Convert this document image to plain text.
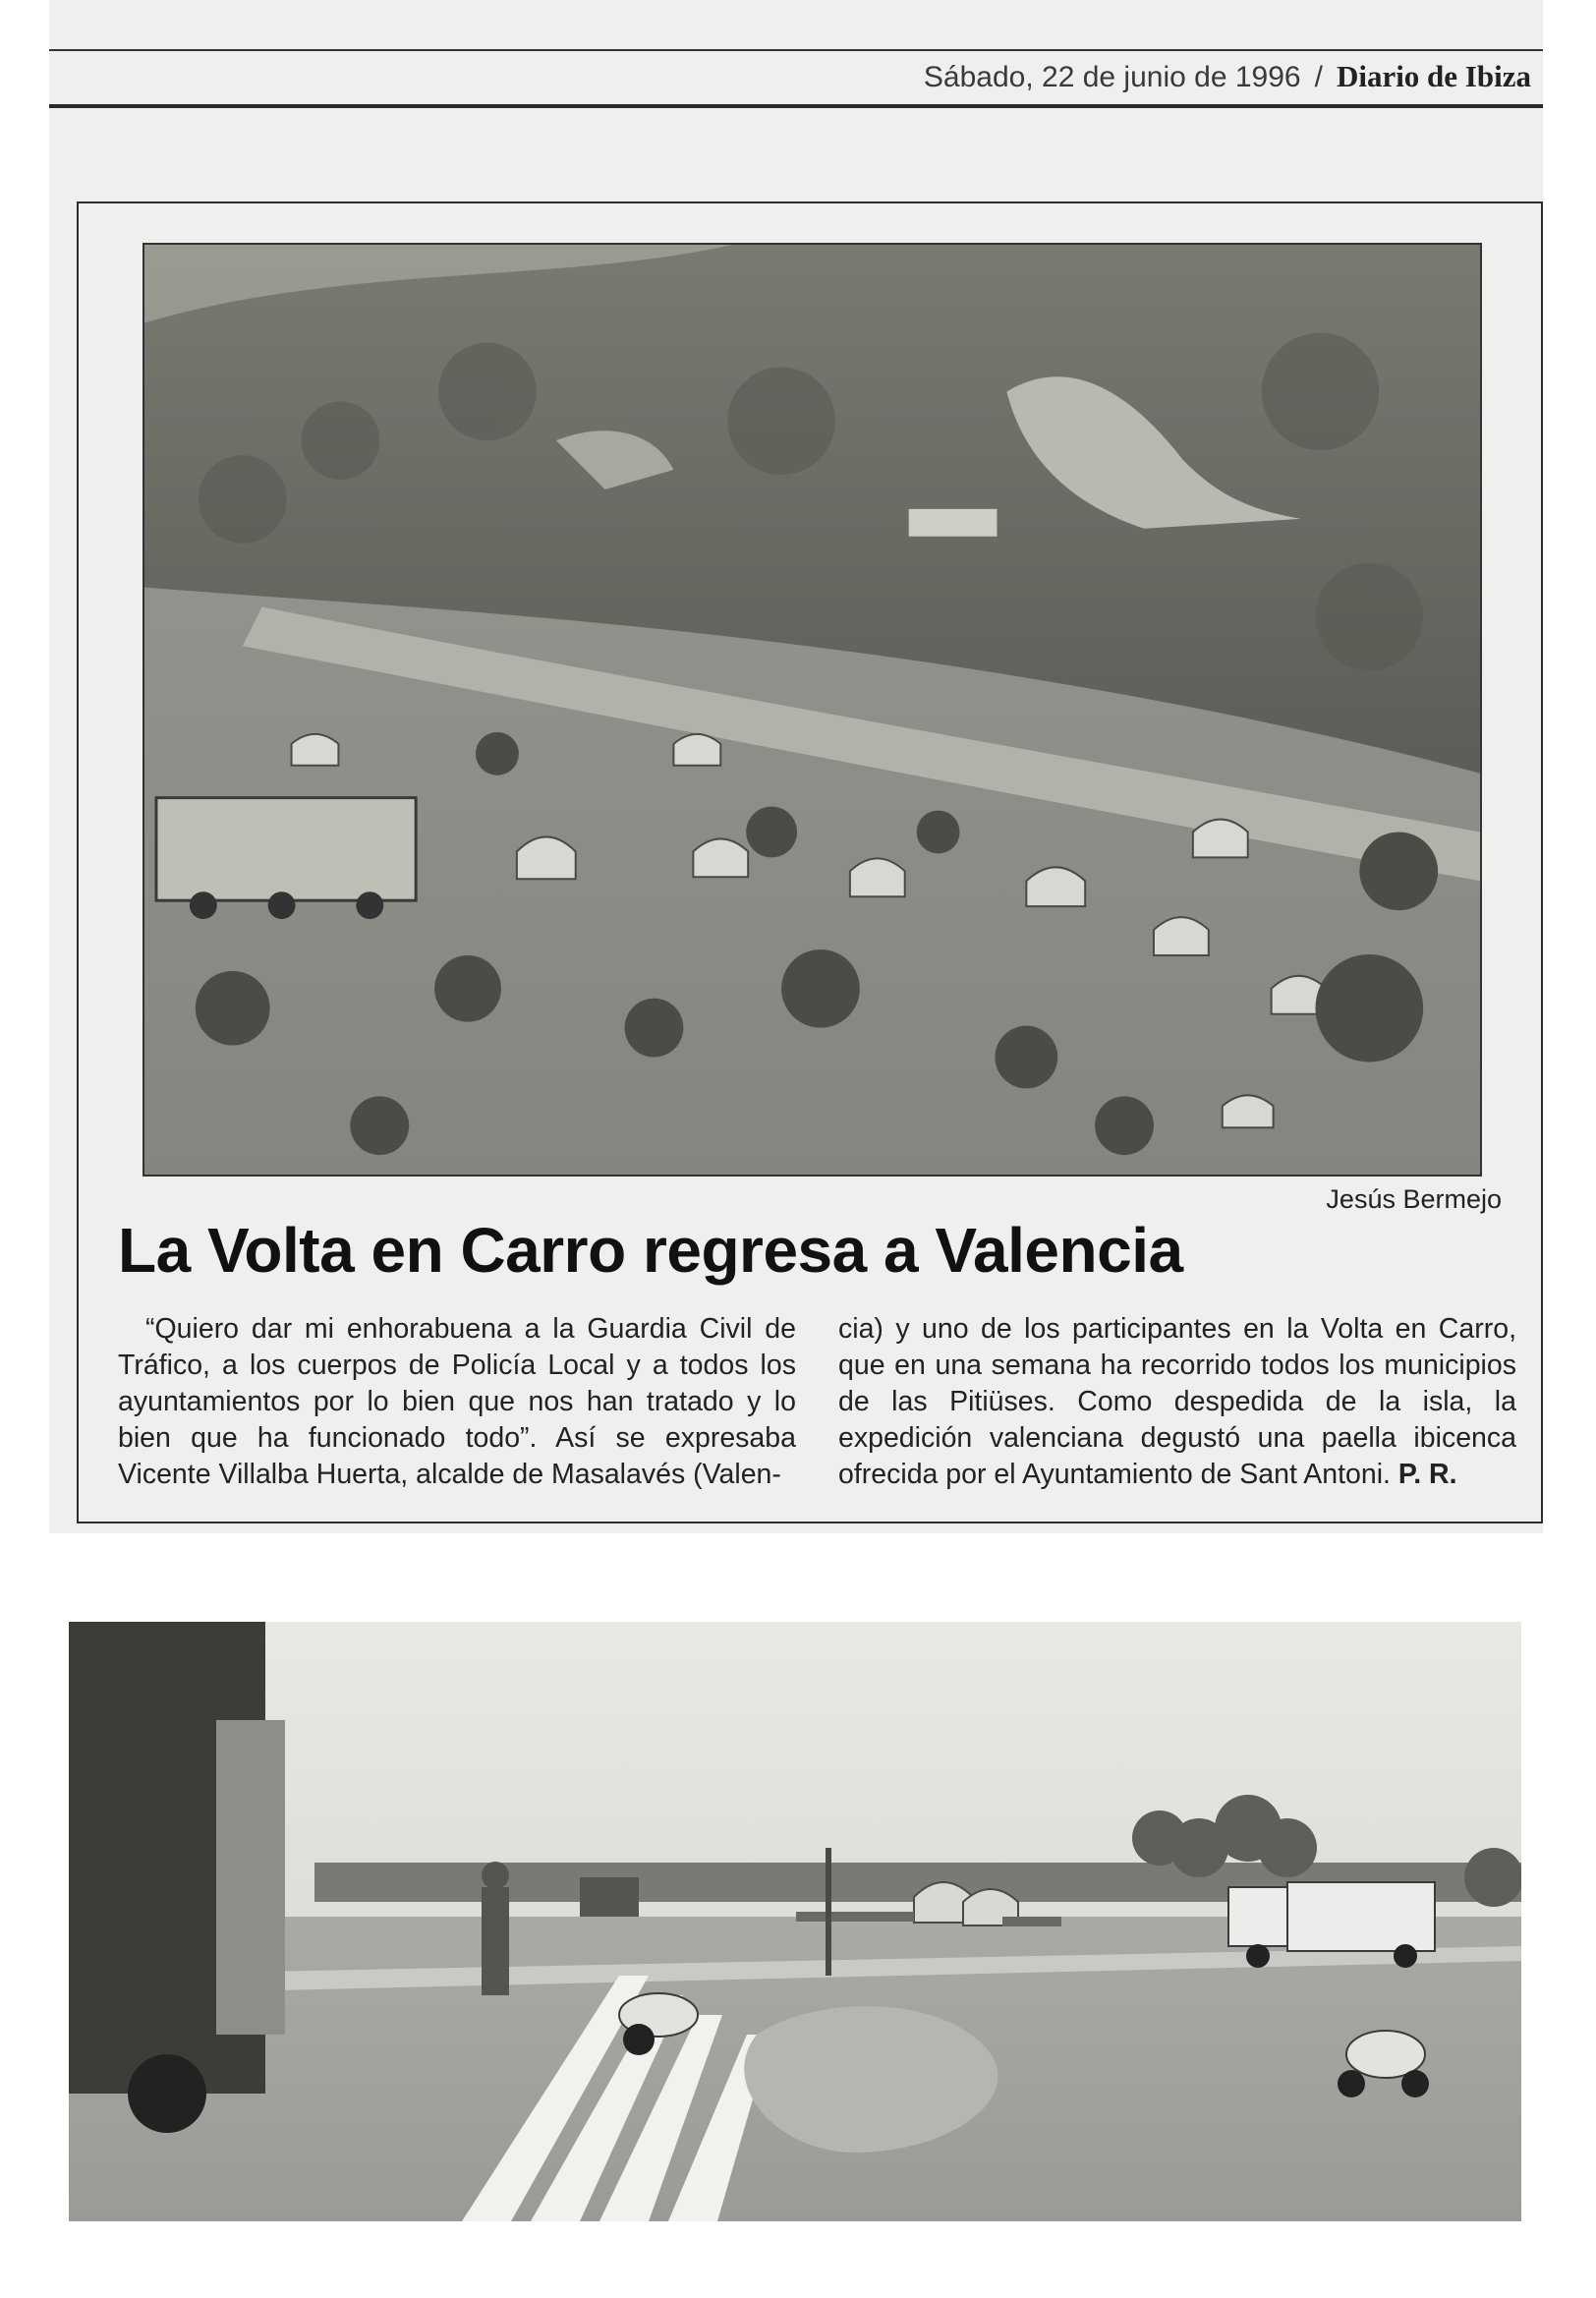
Sábado, 22 de junio de 1996 / Diario de Ibiza
Jesús Bermejo
La Volta en Carro regresa a Valencia

“Quiero dar mi enhorabuena a la Guardia Civil de Tráfico, a los cuerpos de Policía Local y a todos los ayuntamientos por lo bien que nos han tratado y lo bien que ha funcionado todo”. Así se expresaba Vicente Villalba Huerta, alcalde de Masalavés (Valen-

cia) y uno de los participantes en la Volta en Carro, que en una semana ha recorrido todos los municipios de las Pitiüses. Como despedida de la isla, la expedición valenciana degustó una paella ibicenca ofrecida por el Ayuntamiento de Sant Antoni. P. R.
